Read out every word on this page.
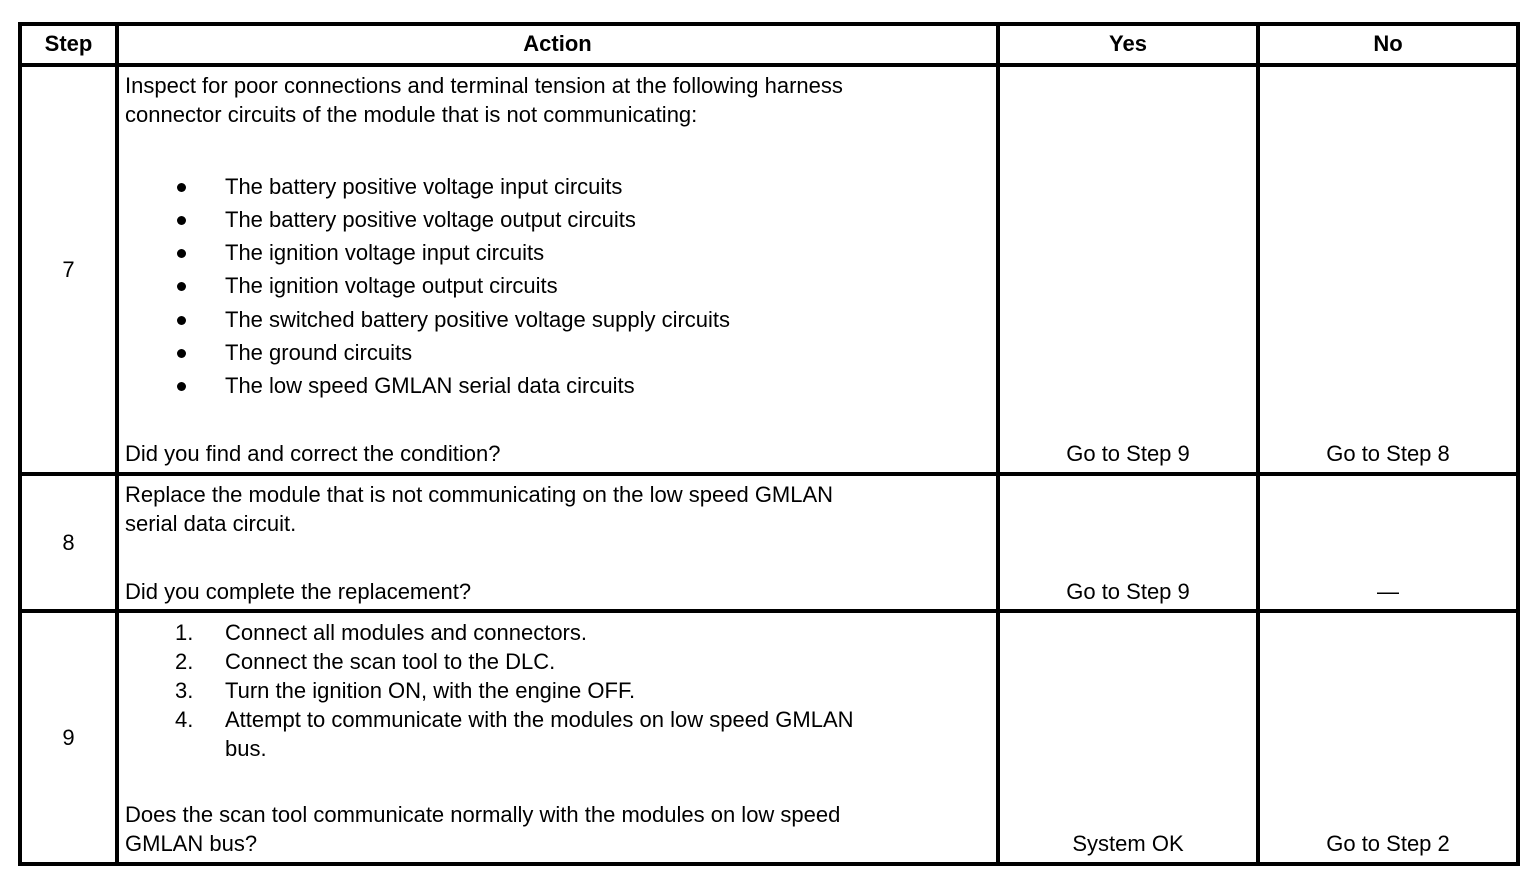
Step	Action	Yes	No
7
Inspect for poor connections and terminal tension at the following harness
connector circuits of the module that is not communicating:
The battery positive voltage input circuits
The battery positive voltage output circuits
The ignition voltage input circuits
The ignition voltage output circuits
The switched battery positive voltage supply circuits
The ground circuits
The low speed GMLAN serial data circuits
Did you find and correct the condition?	Go to Step 9	Go to Step 8
8
Replace the module that is not communicating on the low speed GMLAN
serial data circuit.
Did you complete the replacement?	Go to Step 9	—
9
1. Connect all modules and connectors.
2. Connect the scan tool to the DLC.
3. Turn the ignition ON, with the engine OFF.
4. Attempt to communicate with the modules on low speed GMLAN
bus.
Does the scan tool communicate normally with the modules on low speed
GMLAN bus?	System OK	Go to Step 2
